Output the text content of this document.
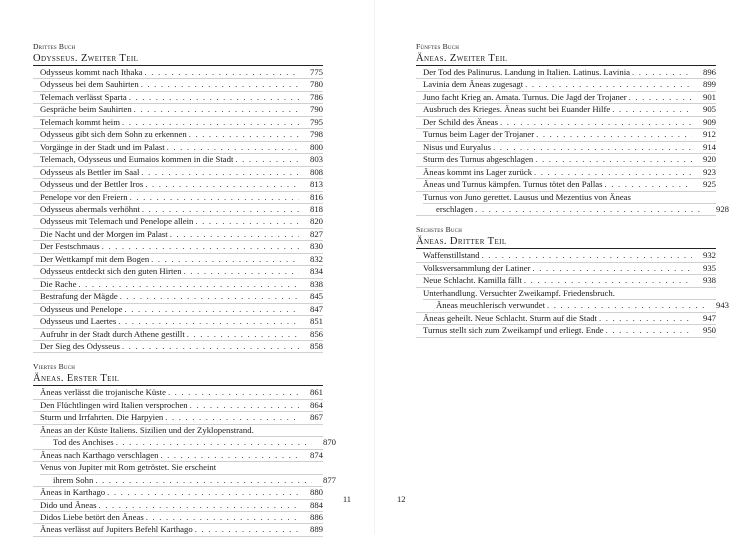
Drittes Buch
Odysseus. Zweiter Teil
Odysseus kommt nach Ithaka . . .	775
Odysseus bei dem Sauhirten . . .	780
Telemach verlässt Sparta . . .	786
Gespräche beim Sauhirten . . .	790
Telemach kommt heim . . .	795
Odysseus gibt sich dem Sohn zu erkennen . . .	798
Vorgänge in der Stadt und im Palast . . .	800
Telemach, Odysseus und Eumaios kommen in die Stadt . . .	803
Odysseus als Bettler im Saal . . .	808
Odysseus und der Bettler Iros . . .	813
Penelope vor den Freiern . . .	816
Odysseus abermals verhöhnt . . .	818
Odysseus mit Telemach und Penelope allein . . .	820
Die Nacht und der Morgen im Palast . . .	827
Der Festschmaus . . .	830
Der Wettkampf mit dem Bogen . . .	832
Odysseus entdeckt sich den guten Hirten . . .	834
Die Rache . . .	838
Bestrafung der Mägde . . .	845
Odysseus und Penelope . . .	847
Odysseus und Laertes . . .	851
Aufruhr in der Stadt durch Athene gestillt . . .	856
Der Sieg des Odysseus . . .	858
Viertes Buch
Äneas. Erster Teil
Äneas verlässt die trojanische Küste . . .	861
Den Flüchtlingen wird Italien versprochen . . .	864
Sturm und Irrfahrten. Die Harpyien . . .	867
Äneas an der Küste Italiens. Sizilien und der Zyklopenstrand.
Tod des Anchises . . .	870
Äneas nach Karthago verschlagen . . .	874
Venus von Jupiter mit Rom getröstet. Sie erscheint
ihrem Sohn . . .	877
Äneas in Karthago . . .	880
Dido und Äneas . . .	884
Didos Liebe betört den Äneas . . .	886
Äneas verlässt auf Jupiters Befehl Karthago . . .	889
11
Fünftes Buch
Äneas. Zweiter Teil
Der Tod des Palinurus. Landung in Italien. Latinus. Lavinia . . .	896
Lavinia dem Äneas zugesagt . . .	899
Juno facht Krieg an. Amata. Turnus. Die Jagd der Trojaner . . .	901
Ausbruch des Krieges. Äneas sucht bei Euander Hilfe . . .	905
Der Schild des Äneas . . .	909
Turnus beim Lager der Trojaner . . .	912
Nisus und Euryalus . . .	914
Sturm des Turnus abgeschlagen . . .	920
Äneas kommt ins Lager zurück . . .	923
Äneas und Turnus kämpfen. Turnus tötet den Pallas . . .	925
Turnus von Juno gerettet. Lausus und Mezentius von Äneas
erschlagen . . .	928
Sechstes Buch
Äneas. Dritter Teil
Waffenstillstand . . .	932
Volksversammlung der Latiner . . .	935
Neue Schlacht. Kamilla fällt . . .	938
Unterhandlung. Versuchter Zweikampf. Friedensbruch.
Äneas meuchlerisch verwundet . . .	943
Äneas geheilt. Neue Schlacht. Sturm auf die Stadt . . .	947
Turnus stellt sich zum Zweikampf und erliegt. Ende . . .	950
12
